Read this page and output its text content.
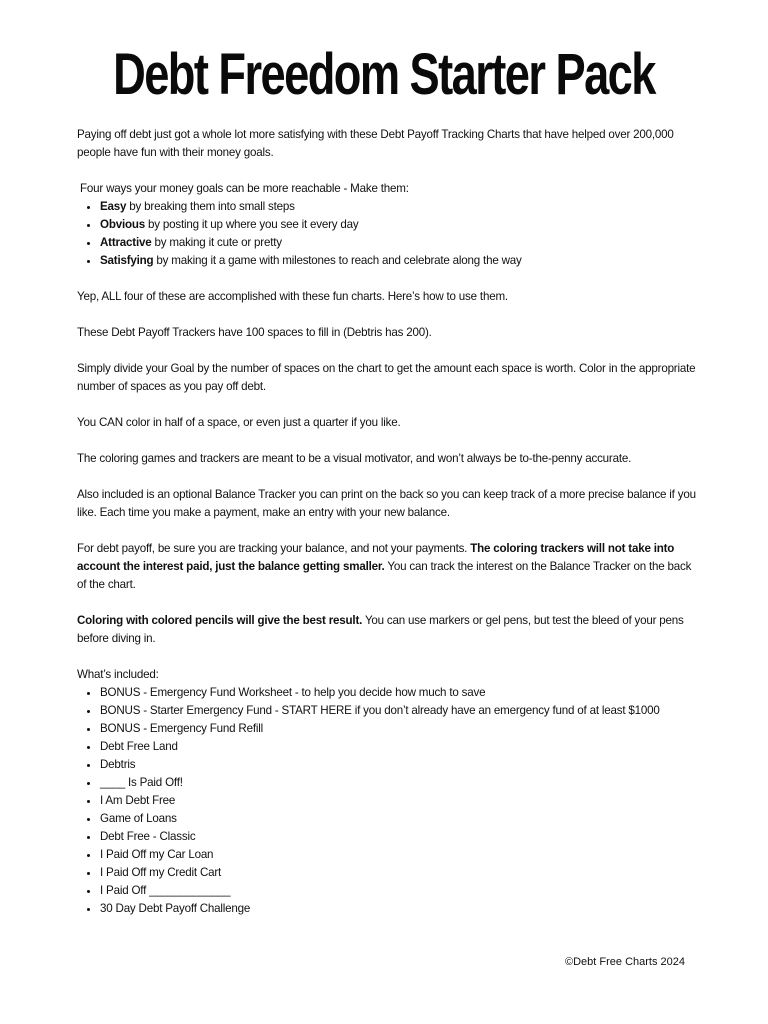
Debt Freedom Starter Pack

Paying off debt just got a whole lot more satisfying with these Debt Payoff Tracking Charts that have helped over 200,000 people have fun with their money goals.

Four ways your money goals can be more reachable - Make them:

• Easy by breaking them into small steps
• Obvious by posting it up where you see it every day
• Attractive by making it cute or pretty
• Satisfying by making it a game with milestones to reach and celebrate along the way

Yep, ALL four of these are accomplished with these fun charts. Here’s how to use them.

These Debt Payoff Trackers have 100 spaces to fill in (Debtris has 200).

Simply divide your Goal by the number of spaces on the chart to get the amount each space is worth. Color in the appropriate number of spaces as you pay off debt.

You CAN color in half of a space, or even just a quarter if you like.

The coloring games and trackers are meant to be a visual motivator, and won’t always be to-the-penny accurate.

Also included is an optional Balance Tracker you can print on the back so you can keep track of a more precise balance if you like. Each time you make a payment, make an entry with your new balance.

For debt payoff, be sure you are tracking your balance, and not your payments. The coloring trackers will not take into account the interest paid, just the balance getting smaller. You can track the interest on the Balance Tracker on the back of the chart.

Coloring with colored pencils will give the best result. You can use markers or gel pens, but test the bleed of your pens before diving in.

What’s included:

• BONUS - Emergency Fund Worksheet - to help you decide how much to save
• BONUS - Starter Emergency Fund - START HERE if you don’t already have an emergency fund of at least $1000
• BONUS - Emergency Fund Refill
• Debt Free Land
• Debtris
• ____ Is Paid Off!
• I Am Debt Free
• Game of Loans
• Debt Free - Classic
• I Paid Off my Car Loan
• I Paid Off my Credit Cart
• I Paid Off _____________
• 30 Day Debt Payoff Challenge
©Debt Free Charts 2024
